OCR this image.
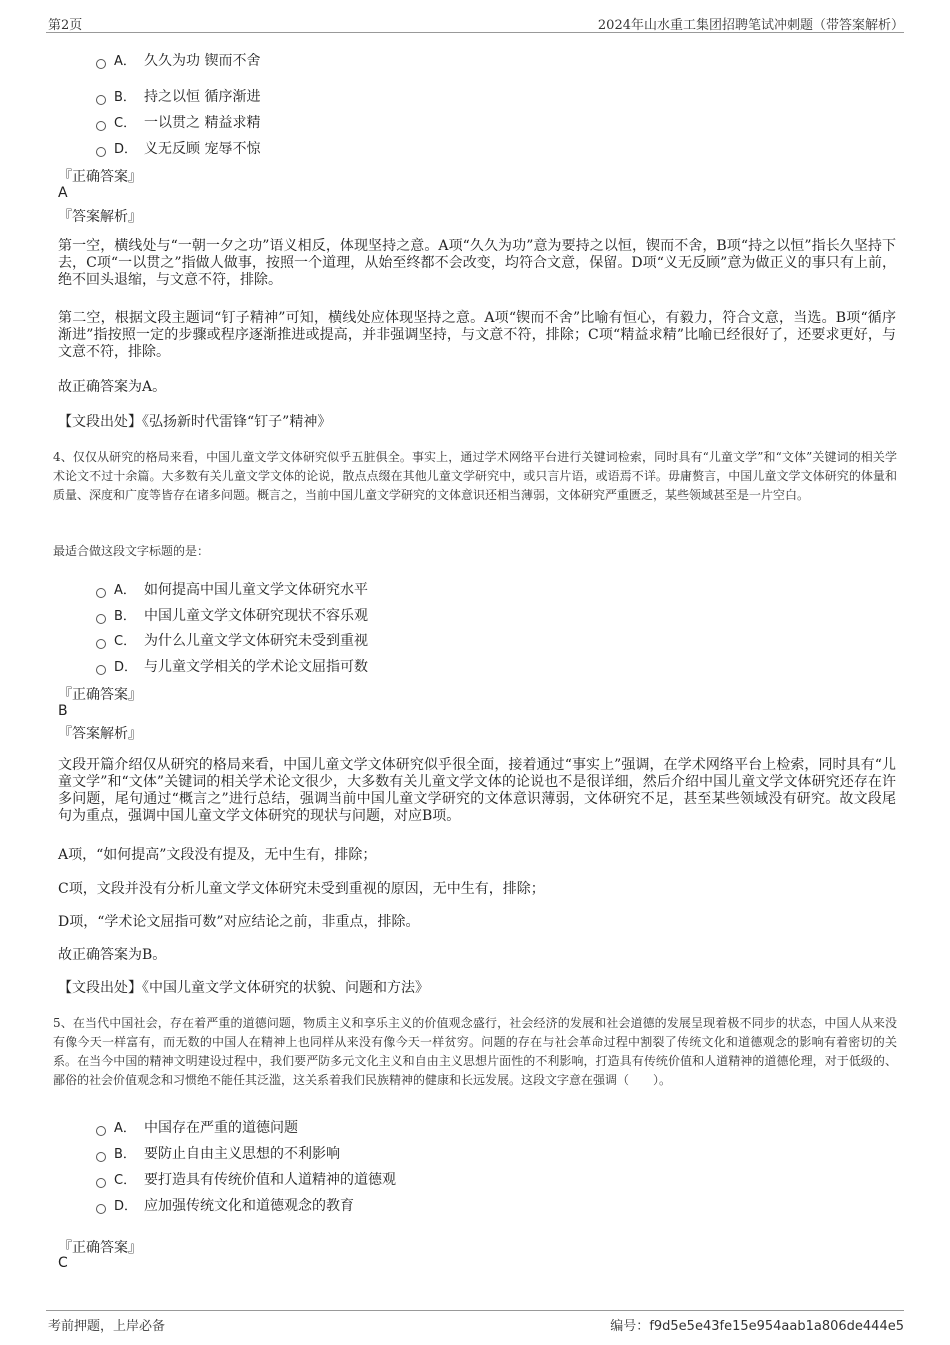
第2页	2024年山水重工集团招聘笔试冲刺题（带答案解析）
A． 久久为功 锲而不舍
B． 持之以恒 循序渐进
C． 一以贯之 精益求精
D． 义无反顾 宠辱不惊
『正确答案』
A
『答案解析』
第一空，横线处与“一朝一夕之功”语义相反，体现坚持之意。A项“久久为功”意为要持之以恒，锲而不舍，B项“持之以恒”指长久坚持下去，C项“一以贯之”指做人做事，按照一个道理，从始至终都不会改变，均符合文意，保留。D项“义无反顾”意为做正义的事只有上前，绝不回头退缩，与文意不符，排除。
第二空，根据文段主题词“钉子精神”可知，横线处应体现坚持之意。A项“锲而不舍”比喻有恒心，有毅力，符合文意，当选。B项“循序渐进”指按照一定的步骤或程序逐渐推进或提高，并非强调坚持，与文意不符，排除；C项“精益求精”比喻已经很好了，还要求更好，与文意不符，排除。
故正确答案为A。
【文段出处】《弘扬新时代雷锋“钉子”精神》
4、仅仅从研究的格局来看，中国儿童文学文体研究似乎五脏俱全。事实上，通过学术网络平台进行关键词检索，同时具有“儿童文学”和“文体”关键词的相关学术论文不过十余篇。大多数有关儿童文学文体的论说，散点点缀在其他儿童文学研究中，或只言片语，或语焉不详。毋庸赘言，中国儿童文学文体研究的体量和质量、深度和广度等皆存在诸多问题。概言之，当前中国儿童文学研究的文体意识还相当薄弱，文体研究严重匮乏，某些领域甚至是一片空白。
最适合做这段文字标题的是：
A． 如何提高中国儿童文学文体研究水平
B． 中国儿童文学文体研究现状不容乐观
C． 为什么儿童文学文体研究未受到重视
D． 与儿童文学相关的学术论文屈指可数
『正确答案』
B
『答案解析』
文段开篇介绍仅从研究的格局来看，中国儿童文学文体研究似乎很全面，接着通过“事实上”强调，在学术网络平台上检索，同时具有“儿童文学”和“文体”关键词的相关学术论文很少，大多数有关儿童文学文体的论说也不是很详细，然后介绍中国儿童文学文体研究还存在许多问题，尾句通过“概言之”进行总结，强调当前中国儿童文学研究的文体意识薄弱，文体研究不足，甚至某些领域没有研究。故文段尾句为重点，强调中国儿童文学文体研究的现状与问题，对应B项。
A项，“如何提高”文段没有提及，无中生有，排除；
C项，文段并没有分析儿童文学文体研究未受到重视的原因，无中生有，排除；
D项，“学术论文屈指可数”对应结论之前，非重点，排除。
故正确答案为B。
【文段出处】《中国儿童文学文体研究的状貌、问题和方法》
5、在当代中国社会，存在着严重的道德问题，物质主义和享乐主义的价值观念盛行，社会经济的发展和社会道德的发展呈现着极不同步的状态，中国人从来没有像今天一样富有，而无数的中国人在精神上也同样从来没有像今天一样贫穷。问题的存在与社会革命过程中割裂了传统文化和道德观念的影响有着密切的关系。在当今中国的精神文明建设过程中，我们要严防多元文化主义和自由主义思想片面性的不利影响，打造具有传统价值和人道精神的道德伦理，对于低级的、鄙俗的社会价值观念和习惯绝不能任其泛滥，这关系着我们民族精神的健康和长远发展。这段文字意在强调（　　）。
A． 中国存在严重的道德问题
B． 要防止自由主义思想的不利影响
C． 要打造具有传统价值和人道精神的道德观
D． 应加强传统文化和道德观念的教育
『正确答案』
C
考前押题，上岸必备	编号：f9d5e5e43fe15e954aab1a806de444e5
